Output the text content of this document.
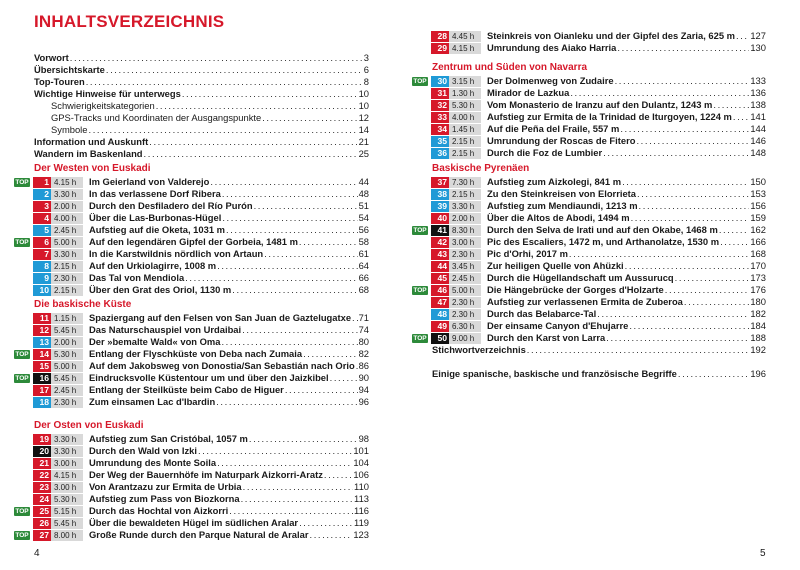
INHALTSVERZEICHNIS
Vorwort .....	3
Übersichtskarte .....	6
Top-Touren .....	8
Wichtige Hinweise für unterwegs .....	10
Schwierigkeitskategorien .....	10
GPS-Tracks und Koordinaten der Ausgangspunkte .....	12
Symbole .....	14
Information und Auskunft .....	21
Wandern im Baskenland .....	25
Der Westen von Euskadi
TOP	1 4.15 h	Im Geierland von Valderejo .....	44
2 3.30 h	In das verlassene Dorf Ribera .....	48
3 2.00 h	Durch den Desfiladero del Río Purón .....	51
4 4.00 h	Über die Las-Burbonas-Hügel .....	54
5 2.45 h	Aufstieg auf die Oketa, 1031 m .....	56
TOP	6 5.00 h	Auf den legendären Gipfel der Gorbeia, 1481 m .....	58
7 3.30 h	In die Karstwildnis nördlich von Artaun .....	61
8 2.15 h	Auf den Urkiolagirre, 1008 m .....	64
9 2.30 h	Das Tal von Mendiola .....	66
10 2.15 h	Über den Grat des Oriol, 1130 m .....	68
Die baskische Küste
11 1.15 h	Spaziergang auf den Felsen von San Juan de Gaztelugatxe ..... 71
12 5.45 h	Das Naturschauspiel von Urdaibai .....	74
13 2.00 h	Der »bemalte Wald« von Oma .....	80
TOP	14 5.30 h	Entlang der Flyschküste von Deba nach Zumaia .....	82
15 5.00 h	Auf dem Jakobsweg von Donostia/San Sebastián nach Orio ..... 86
TOP	16 5.45 h	Eindrucksvolle Küstentour um und über den Jaizkibel .....	90
17 2.45 h	Entlang der Steilküste beim Cabo de Higuer .....	94
18 2.30 h	Zum einsamen Lac d'Ibardin .....	96
Der Osten von Euskadi
19 3.30 h	Aufstieg zum San Cristóbal, 1057 m .....	98
20 3.30 h	Durch den Wald von Izki .....	101
21 3.00 h	Umrundung des Monte Soila .....	104
22 4.15 h	Der Weg der Bauernhöfe im Naturpark Aizkorri-Aratz .....	106
23 3.00 h	Von Arantzazu zur Ermita de Urbia .....	110
24 5.30 h	Aufstieg zum Pass von Biozkorna .....	113
TOP	25 5.15 h	Durch das Hochtal von Aizkorri .....	116
26 5.45 h	Über die bewaldeten Hügel im südlichen Aralar .....	119
TOP	27 8.00 h	Große Runde durch den Parque Natural de Aralar .....	123
28 4.45 h	Steinkreis von Oianleku und der Gipfel des Zaria, 625 m ..... 127
29 4.15 h	Umrundung des Aiako Harria .....	130
Zentrum und Süden von Navarra
TOP	30 3.15 h	Der Dolmenweg von Zudaire .....	133
31 1.30 h	Mirador de Lazkua .....	136
32 5.30 h	Vom Monasterio de Iranzu auf den Dulantz, 1243 m .....	138
33 4.00 h	Aufstieg zur Ermita de la Trinidad de Iturgoyen, 1224 m ..... 141
34 1.45 h	Auf die Peña del Fraile, 557 m .....	144
35 2.15 h	Umrundung der Roscas de Fitero .....	146
36 2.15 h	Durch die Foz de Lumbier .....	148
Baskische Pyrenäen
37 7.30 h	Aufstieg zum Aizkolegi, 841 m .....	150
38 2.15 h	Zu den Steinkreisen von Elorrieta .....	153
39 3.30 h	Aufstieg zum Mendiaundi, 1213 m .....	156
40 2.00 h	Über die Altos de Abodi, 1494 m .....	159
TOP	41 8.30 h	Durch den Selva de Irati und auf den Okabe, 1468 m .....	162
42 3.00 h	Pic des Escaliers, 1472 m, und Arthanolatze, 1530 m .....	166
43 2.30 h	Pic d'Orhi, 2017 m .....	168
44 3.45 h	Zur heiligen Quelle von Ahüzki .....	170
45 2.45 h	Durch die Hügellandschaft um Aussurucq .....	173
TOP	46 5.00 h	Die Hängebrücke der Gorges d'Holzarte .....	176
47 2.30 h	Aufstieg zur verlassenen Ermita de Zuberoa .....	180
48 2.30 h	Durch das Belabarce-Tal .....	182
49 6.30 h	Der einsame Canyon d'Ehujarre .....	184
TOP	50 9.00 h	Durch den Karst von Larra .....	188
Stichwortverzeichnis .....	192
Einige spanische, baskische und französische Begriffe .....	196
4	5
